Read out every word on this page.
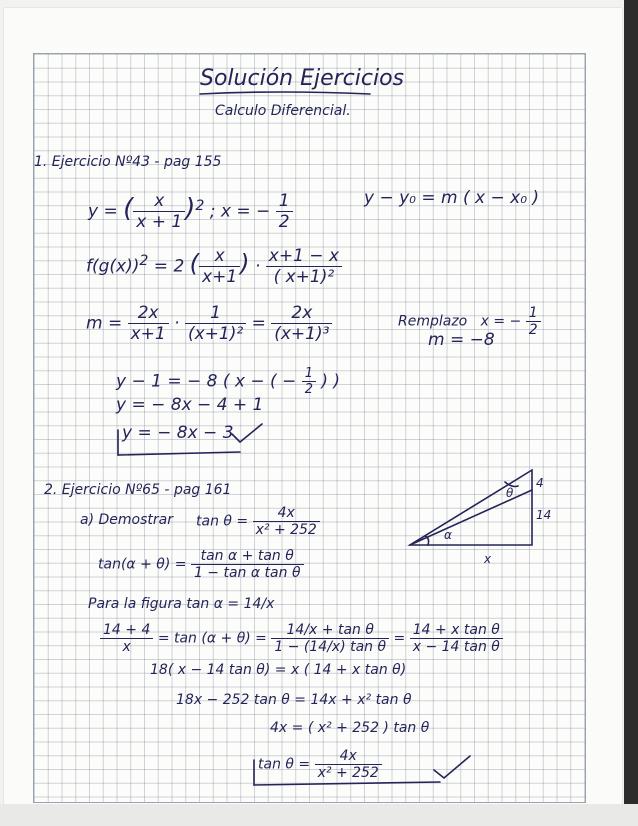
Solución Ejercicios
Calculo Diferencial.
1. Ejercicio Nº43 - pag 155
y = ( $\frac{x}{x + 1} )^2$ ; x = − $\frac{1}{2}$	y − y₀ = m ( x − x₀ )
$f(g(x))^2 = 2$ ( $\frac{x}{x+1}$ ) · $\frac{x+1 - x}{\text{( x+1)²}}$
$m = \frac{2x}{x+1} \cdot \frac{1}{\text{(x+1)²}} = \frac{2x}{\text{(x+1)³}}$	Remplazo x = − $\frac{1}{2}$
m = −8
y − 1 = − 8 ( x − ( − $\frac{1}{2}$ ) )
y = − 8x − 4 + 1
y = − 8x − 3
2. Ejercicio Nº65 - pag 161
a) Demostrar $\tan \theta = \frac{4x}{\text{x² + 252}}$
$\tan(\alpha + \theta) = \frac{\text{tan α + tan θ}}{\text{1 − tan α tan θ}}$
Para la figura tan α = 14/x
$\frac{14 + 4}{x} = \tan (\alpha + \theta) = \frac{\text{14/x + tan θ}}{\text{1 − (14/x) tan θ}} = \frac{\text{14 + x tan θ}}{\text{x − 14 tan θ}}$
18( x − 14 tan θ) = x ( 14 + x tan θ)
18x − 252 tan θ = 14x + x² tan θ
4x = ( x² + 252 ) tan θ
$\tan \theta = \frac{4x}{\text{x² + 252}}$
4
14
x
α
θ
